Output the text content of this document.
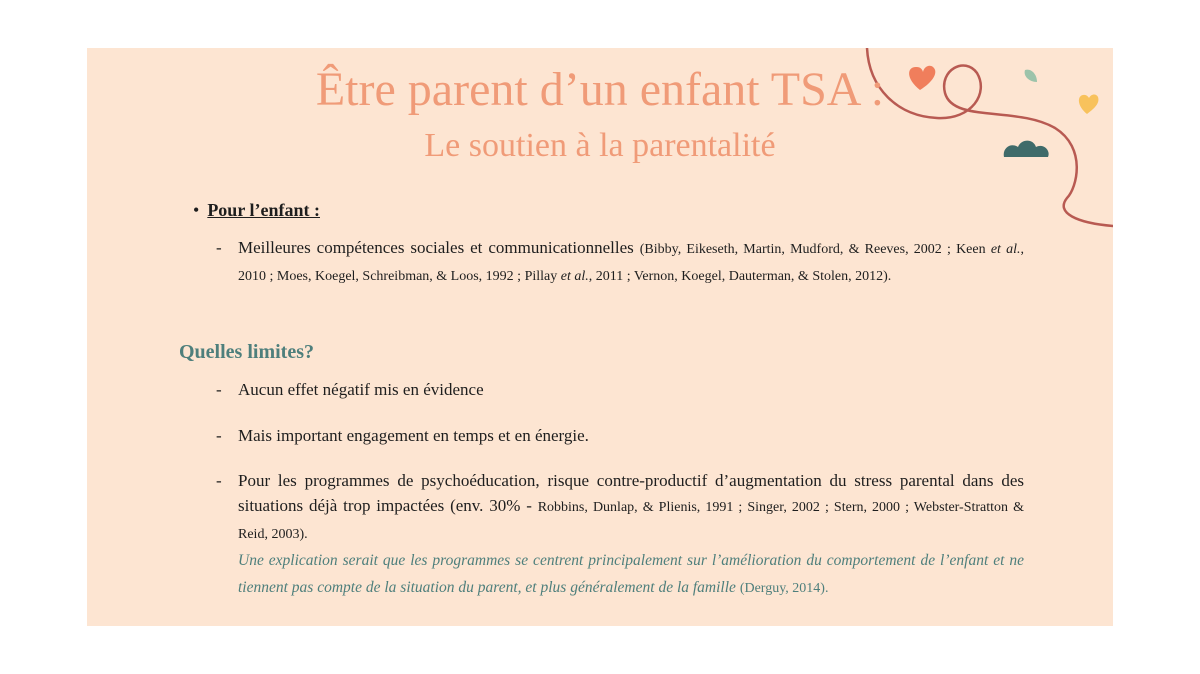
Être parent d’un enfant TSA :
Le soutien à la parentalité
• Pour l’enfant :
- Meilleures compétences sociales et communicationnelles (Bibby, Eikeseth, Martin, Mudford, & Reeves, 2002 ; Keen et al., 2010 ; Moes, Koegel, Schreibman, & Loos, 1992 ; Pillay et al., 2011 ; Vernon, Koegel, Dauterman, & Stolen, 2012).
Quelles limites?
- Aucun effet négatif mis en évidence
- Mais important engagement en temps et en énergie.
- Pour les programmes de psychoéducation, risque contre-productif d’augmentation du stress parental dans des situations déjà trop impactées (env. 30% - Robbins, Dunlap, & Plienis, 1991 ; Singer, 2002 ; Stern, 2000 ; Webster-Stratton & Reid, 2003).
Une explication serait que les programmes se centrent principalement sur l’amélioration du comportement de l’enfant et ne tiennent pas compte de la situation du parent, et plus généralement de la famille (Derguy, 2014).
